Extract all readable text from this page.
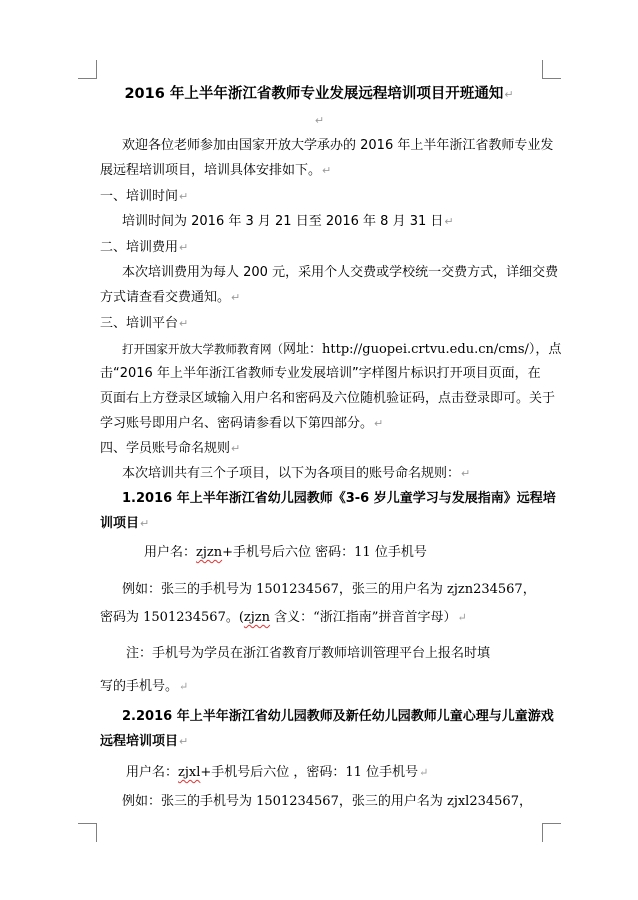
2016 年上半年浙江省教师专业发展远程培训项目开班通知↵
↵
欢迎各位老师参加由国家开放大学承办的 2016 年上半年浙江省教师专业发
展远程培训项目，培训具体安排如下。↵
一、培训时间↵
培训时间为 2016 年 3 月 21 日至 2016 年 8 月 31 日↵
二、培训费用↵
本次培训费用为每人 200 元，采用个人交费或学校统一交费方式，详细交费
方式请查看交费通知。↵
三、培训平台↵
打开国家开放大学教师教育网（网址：http://guopei.crtvu.edu.cn/cms/），点
击“2016 年上半年浙江省教师专业发展培训”字样图片标识打开项目页面，在
页面右上方登录区域输入用户名和密码及六位随机验证码，点击登录即可。关于
学习账号即用户名、密码请参看以下第四部分。↵
四、学员账号命名规则↵
本次培训共有三个子项目，以下为各项目的账号命名规则：↵
1.2016 年上半年浙江省幼儿园教师《3-6 岁儿童学习与发展指南》远程培
训项目↵
用户名：zjzn+手机号后六位 密码：11 位手机号
例如：张三的手机号为 15012345​67，张三的用户名为 zjzn234567，
密码为 15012345​67。(zjzn 含义：“浙江指南”拼音首字母）↵
注：手机号为学员在浙江省教育厅教师培训管理平台上报名时填
写的手机号。↵
2.2016 年上半年浙江省幼儿园教师及新任幼儿园教师儿童心理与儿童游戏
远程培训项目↵
用户名：zjxl+手机号后六位 ，密码：11 位手机号↵
例如：张三的手机号为 15012345​67，张三的用户名为 zjxl234567，
